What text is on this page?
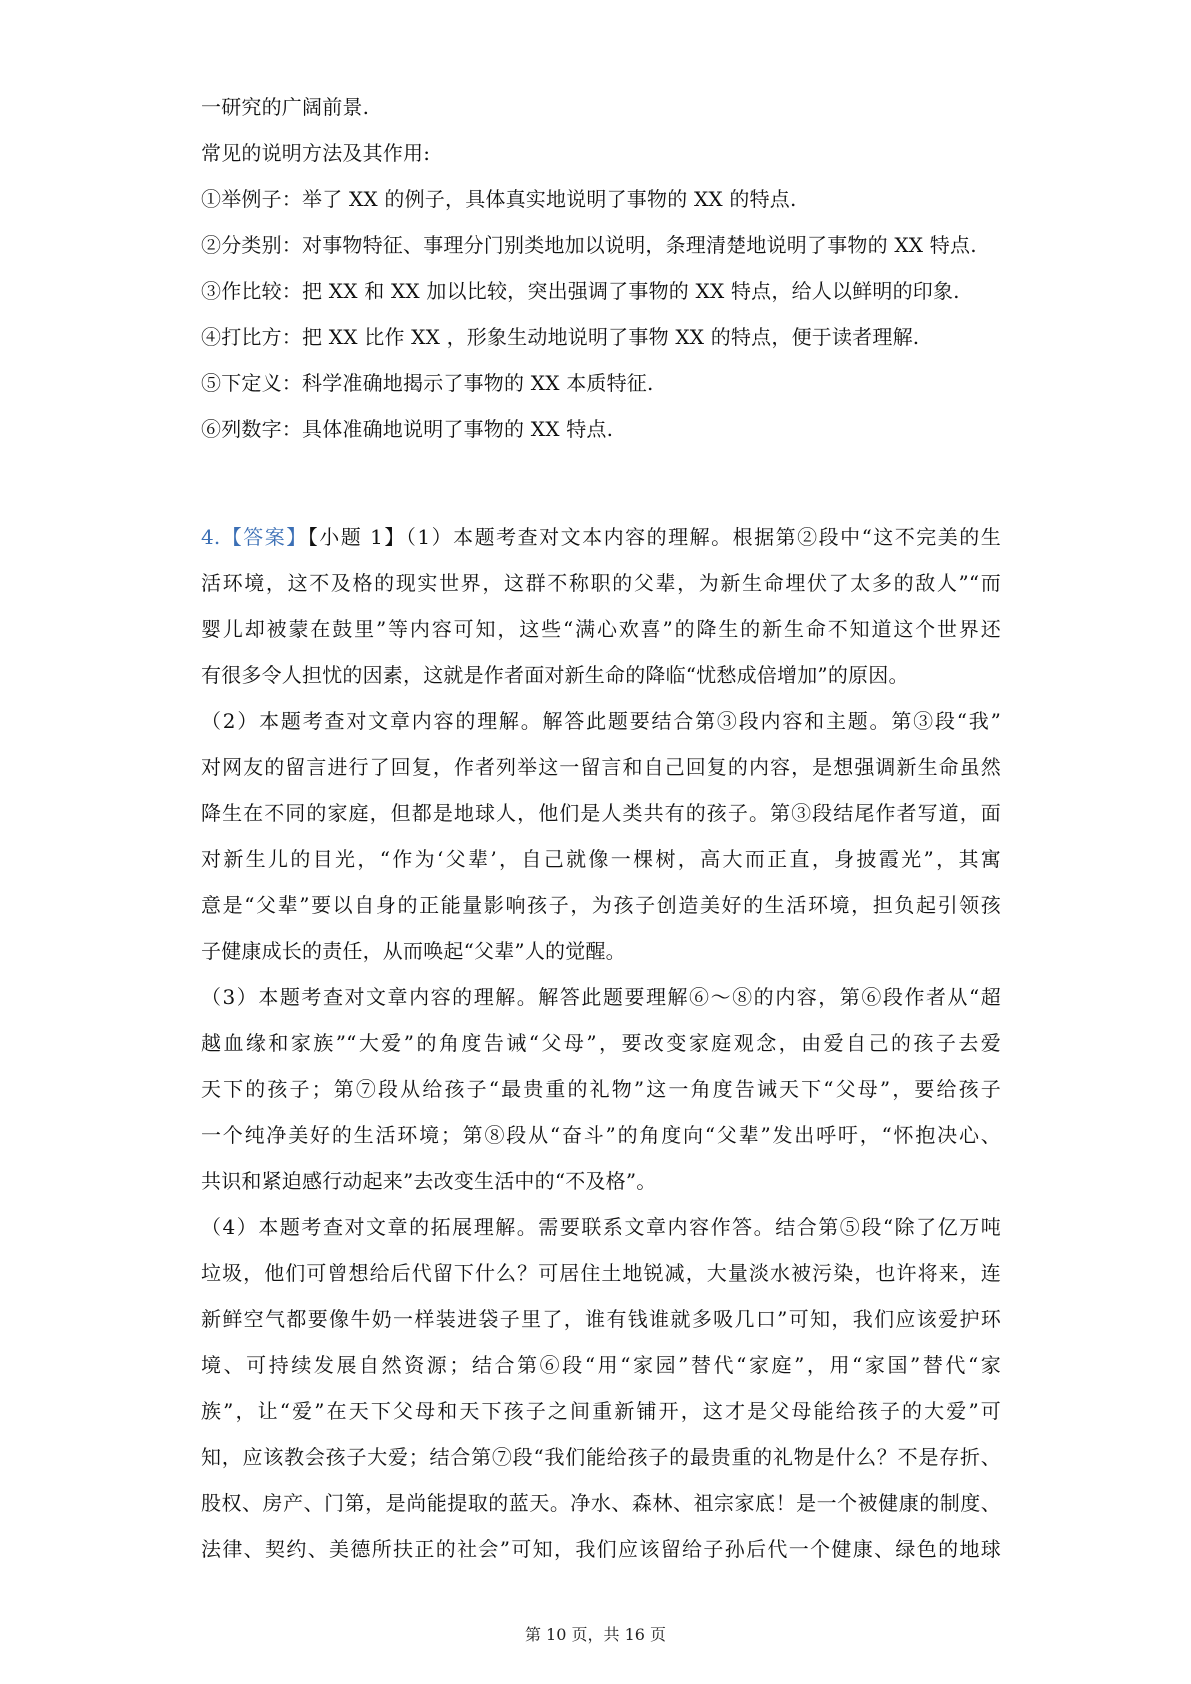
一研究的广阔前景.
常见的说明方法及其作用:
①举例子：举了 XX 的例子，具体真实地说明了事物的 XX 的特点.
②分类别：对事物特征、事理分门别类地加以说明，条理清楚地说明了事物的 XX 特点.
③作比较：把 XX 和 XX 加以比较，突出强调了事物的 XX 特点，给人以鲜明的印象.
④打比方：把 XX 比作 XX ，形象生动地说明了事物 XX 的特点，便于读者理解.
⑤下定义：科学准确地揭示了事物的 XX 本质特征.
⑥列数字：具体准确地说明了事物的 XX 特点.
4.【答案】【小题 1】（1）本题考查对文本内容的理解。根据第②段中“这不完美的生
活环境，这不及格的现实世界，这群不称职的父辈，为新生命埋伏了太多的敌人”“而
婴儿却被蒙在鼓里”等内容可知，这些“满心欢喜”的降生的新生命不知道这个世界还
有很多令人担忧的因素，这就是作者面对新生命的降临“忧愁成倍增加”的原因。
（2）本题考查对文章内容的理解。解答此题要结合第③段内容和主题。第③段“我”
对网友的留言进行了回复，作者列举这一留言和自己回复的内容，是想强调新生命虽然
降生在不同的家庭，但都是地球人，他们是人类共有的孩子。第③段结尾作者写道，面
对新生儿的目光，“作为‘父辈’，自己就像一棵树，高大而正直，身披霞光”，其寓
意是“父辈”要以自身的正能量影响孩子，为孩子创造美好的生活环境，担负起引领孩
子健康成长的责任，从而唤起“父辈”人的觉醒。
（3）本题考查对文章内容的理解。解答此题要理解⑥～⑧的内容，第⑥段作者从“超
越血缘和家族”“大爱”的角度告诫“父母”，要改变家庭观念，由爱自己的孩子去爱
天下的孩子；第⑦段从给孩子“最贵重的礼物”这一角度告诫天下“父母”，要给孩子
一个纯净美好的生活环境；第⑧段从“奋斗”的角度向“父辈”发出呼吁，“怀抱决心、
共识和紧迫感行动起来”去改变生活中的“不及格”。
（4）本题考查对文章的拓展理解。需要联系文章内容作答。结合第⑤段“除了亿万吨
垃圾，他们可曾想给后代留下什么？可居住土地锐减，大量淡水被污染，也许将来，连
新鲜空气都要像牛奶一样装进袋子里了，谁有钱谁就多吸几口”可知，我们应该爱护环
境、可持续发展自然资源；结合第⑥段“用“家园”替代“家庭”，用“家国”替代“家
族”，让“爱”在天下父母和天下孩子之间重新铺开，这才是父母能给孩子的大爱”可
知，应该教会孩子大爱；结合第⑦段“我们能给孩子的最贵重的礼物是什么？不是存折、
股权、房产、门第，是尚能提取的蓝天。净水、森林、祖宗家底！是一个被健康的制度、
法律、契约、美德所扶正的社会”可知，我们应该留给子孙后代一个健康、绿色的地球
第 10 页，共 16 页
